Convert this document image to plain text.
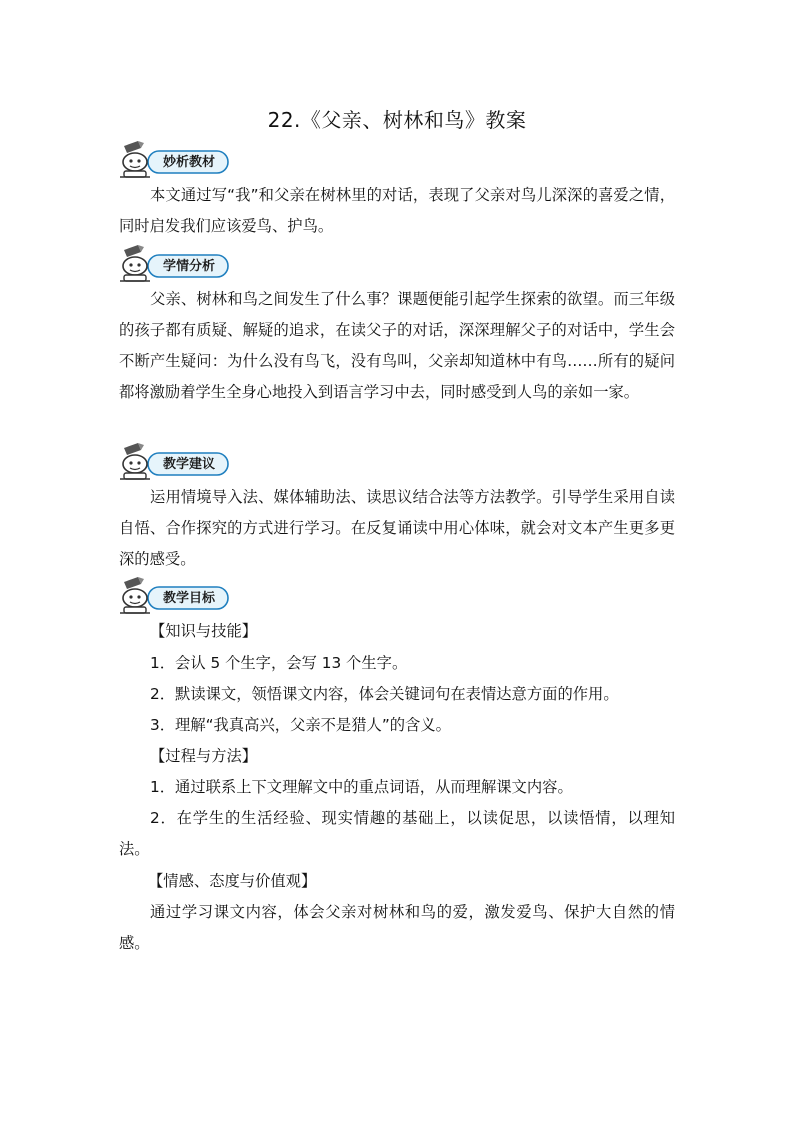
22.《父亲、树林和鸟》教案
妙析教材

本文通过写“我”和父亲在树林里的对话，表现了父亲对鸟儿深深的喜爱之情，同时启发我们应该爱鸟、护鸟。

学情分析

父亲、树林和鸟之间发生了什么事？课题便能引起学生探索的欲望。而三年级的孩子都有质疑、解疑的追求，在读父子的对话，深深理解父子的对话中，学生会不断产生疑问：为什么没有鸟飞，没有鸟叫，父亲却知道林中有鸟……所有的疑问都将激励着学生全身心地投入到语言学习中去，同时感受到人鸟的亲如一家。

教学建议

运用情境导入法、媒体辅助法、读思议结合法等方法教学。引导学生采用自读自悟、合作探究的方式进行学习。在反复诵读中用心体味，就会对文本产生更多更深的感受。

教学目标

【知识与技能】

1．会认 5 个生字，会写 13 个生字。

2．默读课文，领悟课文内容，体会关键词句在表情达意方面的作用。

3．理解“我真高兴，父亲不是猎人”的含义。

【过程与方法】

1．通过联系上下文理解文中的重点词语，从而理解课文内容。

2．在学生的生活经验、现实情趣的基础上，以读促思，以读悟情，以理知法。

【情感、态度与价值观】

通过学习课文内容，体会父亲对树林和鸟的爱，激发爱鸟、保护大自然的情感。
